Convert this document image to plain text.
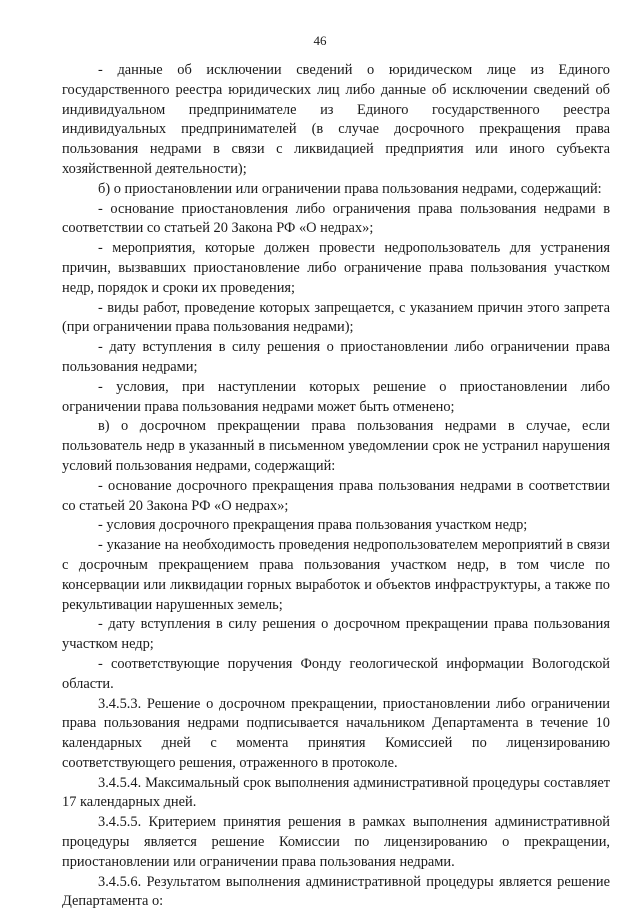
46

- данные об исключении сведений о юридическом лице из Единого государственного реестра юридических лиц либо данные об исключении сведений об индивидуальном предпринимателе из Единого государственного реестра индивидуальных предпринимателей (в случае досрочного прекращения права пользования недрами в связи с ликвидацией предприятия или иного субъекта хозяйственной деятельности);

б) о приостановлении или ограничении права пользования недрами, содержащий:

- основание приостановления либо ограничения права пользования недрами в соответствии со статьей 20 Закона РФ «О недрах»;

- мероприятия, которые должен провести недропользователь для устранения причин, вызвавших приостановление либо ограничение права пользования участком недр, порядок и сроки их проведения;

- виды работ, проведение которых запрещается, с указанием причин этого запрета (при ограничении права пользования недрами);

- дату вступления в силу решения о приостановлении либо ограничении права пользования недрами;

- условия, при наступлении которых решение о приостановлении либо ограничении права пользования недрами может быть отменено;

в) о досрочном прекращении права пользования недрами в случае, если пользователь недр в указанный в письменном уведомлении срок не устранил нарушения условий пользования недрами, содержащий:

- основание досрочного прекращения права пользования недрами в соответствии со статьей 20 Закона РФ «О недрах»;

- условия досрочного прекращения права пользования участком недр;

- указание на необходимость проведения недропользователем мероприятий в связи с досрочным прекращением права пользования участком недр, в том числе по консервации или ликвидации горных выработок и объектов инфраструктуры, а также по рекультивации нарушенных земель;

- дату вступления в силу решения о досрочном прекращении права пользования участком недр;

- соответствующие поручения Фонду геологической информации Вологодской области.

3.4.5.3. Решение о досрочном прекращении, приостановлении либо ограничении права пользования недрами подписывается начальником Департамента в течение 10 календарных дней с момента принятия Комиссией по лицензированию соответствующего решения, отраженного в протоколе.

3.4.5.4. Максимальный срок выполнения административной процедуры составляет 17 календарных дней.

3.4.5.5. Критерием принятия решения в рамках выполнения административной процедуры является решение Комиссии по лицензированию о прекращении, приостановлении или ограничении права пользования недрами.

3.4.5.6. Результатом выполнения административной процедуры является решение Департамента о:
